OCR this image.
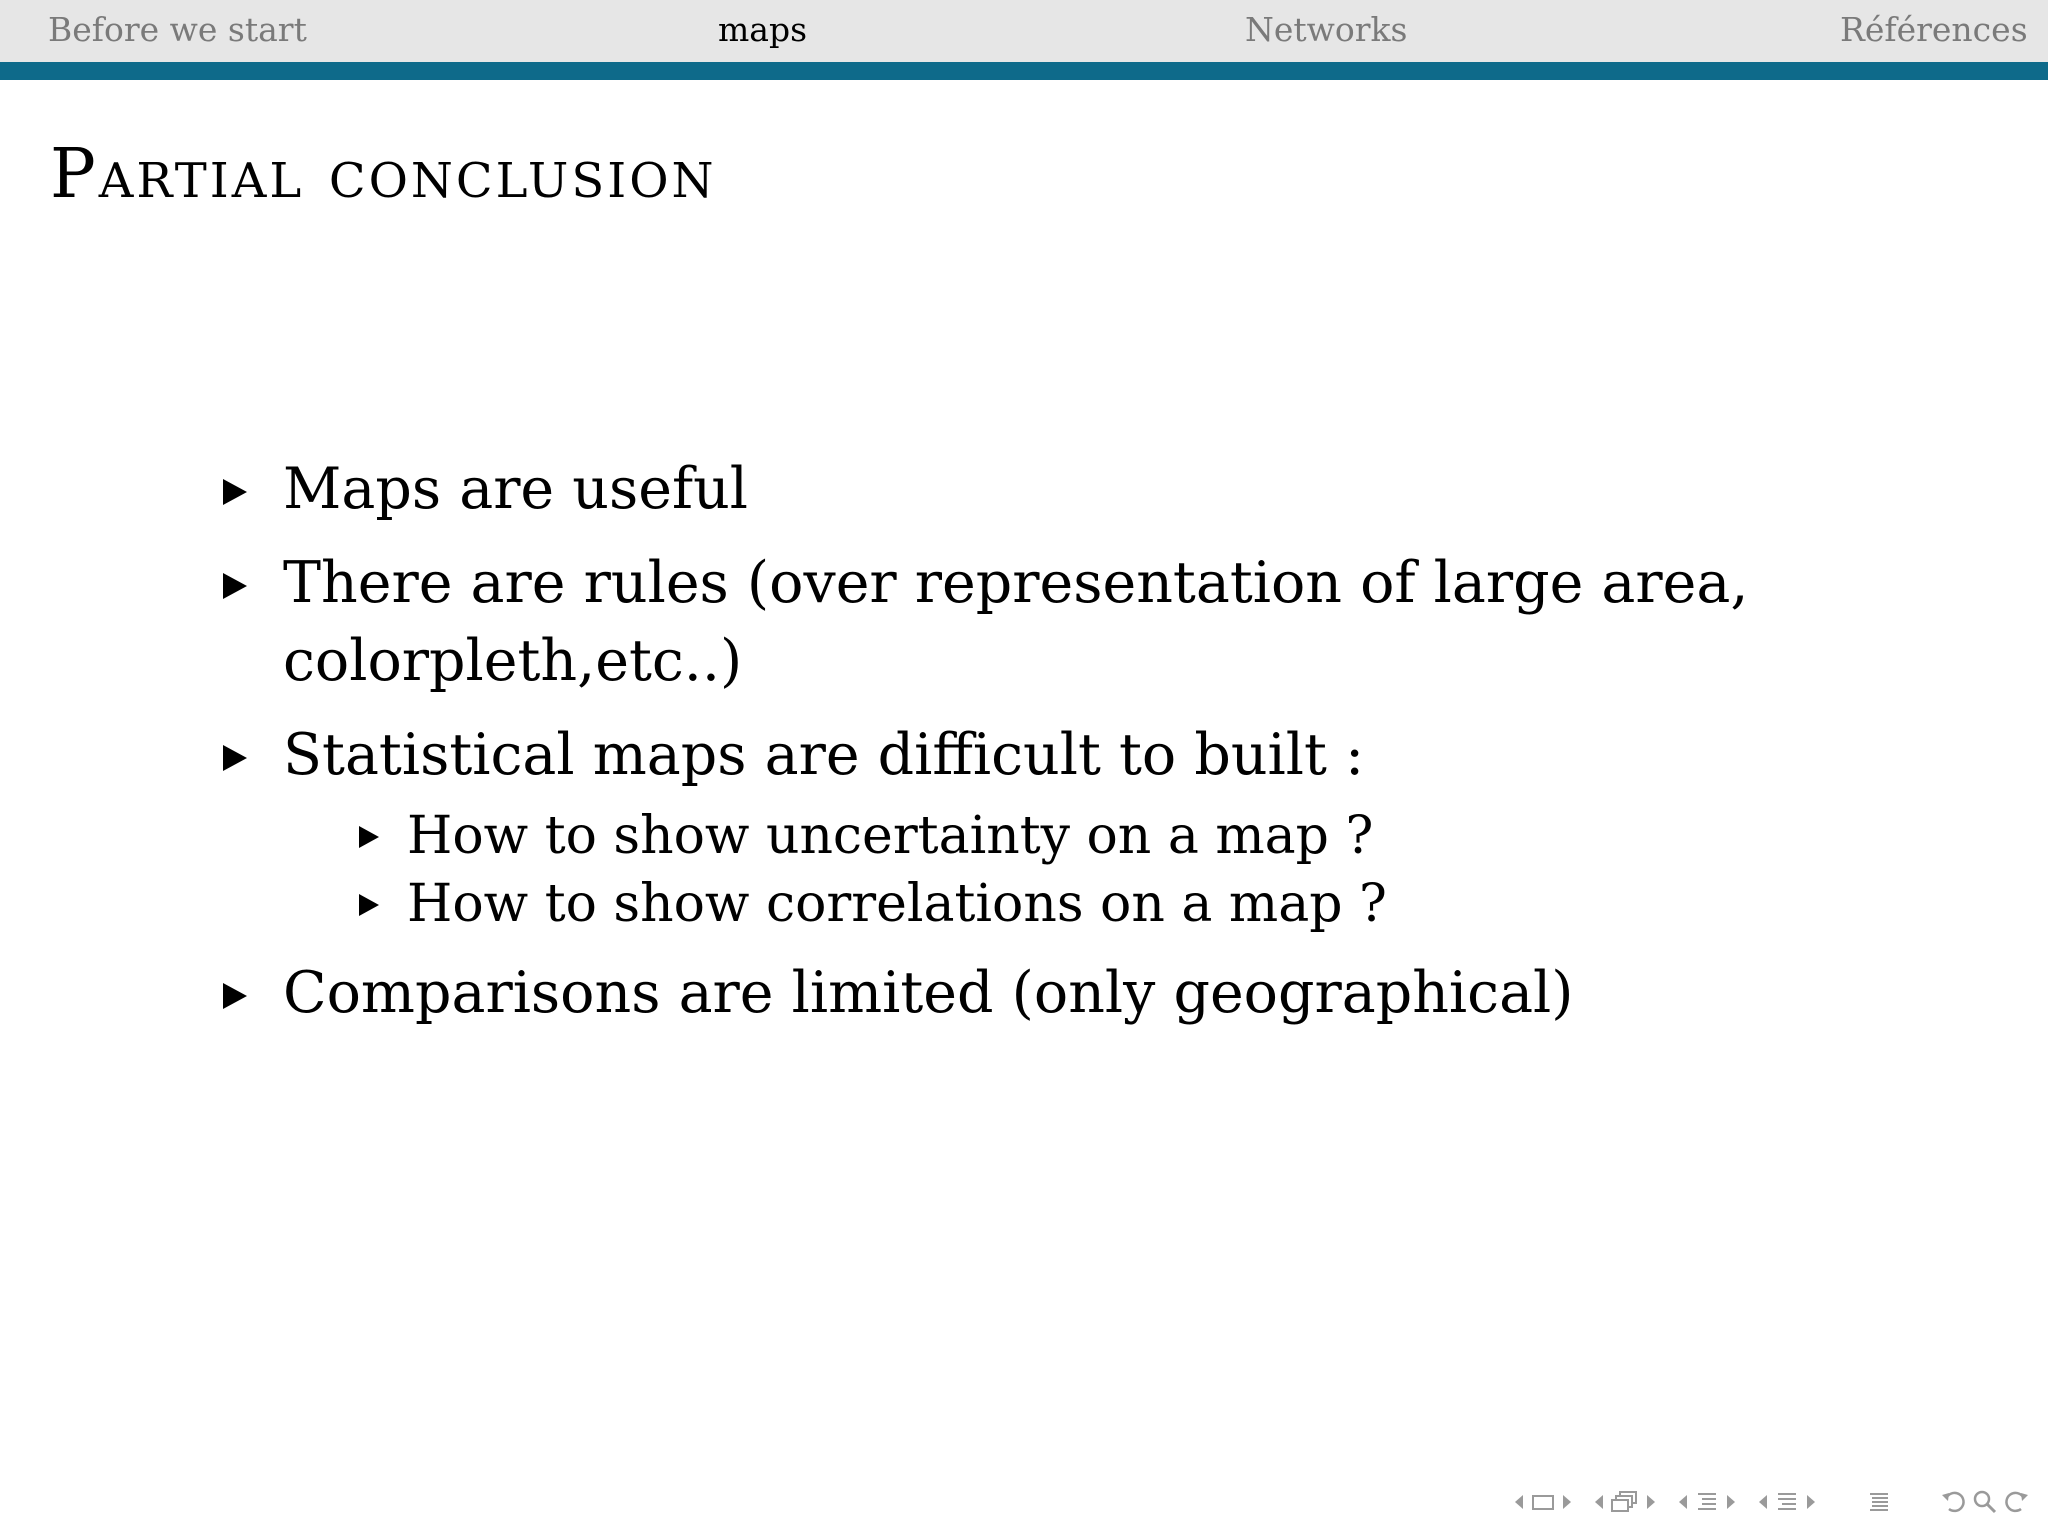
Before we start	maps	Networks	Références
Partial conclusion
Maps are useful
There are rules (over representation of large area, colorpleth,etc..)
Statistical maps are difficult to built :
How to show uncertainty on a map ?
How to show correlations on a map ?
Comparisons are limited (only geographical)
